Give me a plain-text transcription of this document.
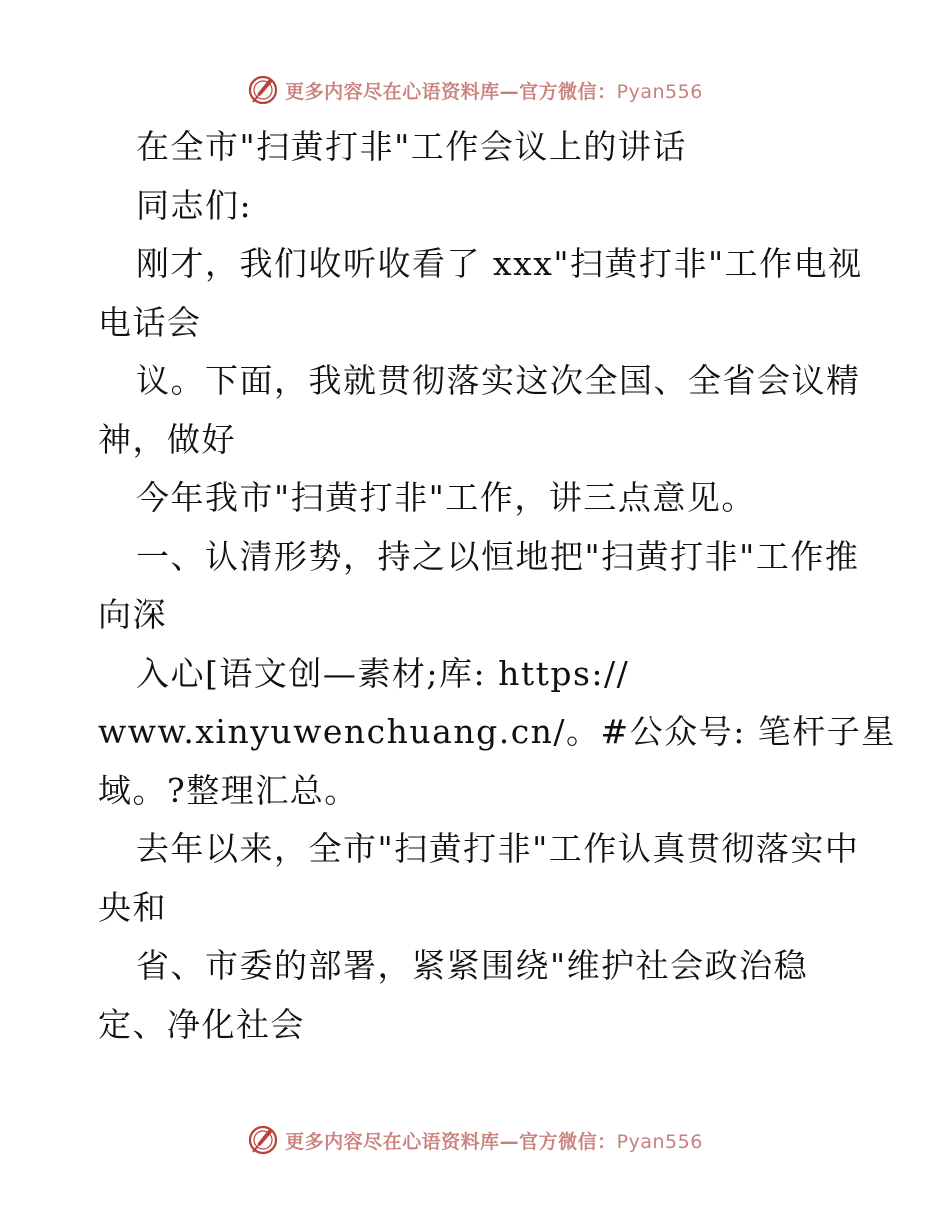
更多内容尽在心语资料库—官方微信：Pyan556
在全市"扫黄打非"工作会议上的讲话
同志们:
刚才，我们收听收看了 xxx"扫黄打非"工作电视
电话会
议。下面，我就贯彻落实这次全国、全省会议精
神，做好
今年我市"扫黄打非"工作，讲三点意见。
一、认清形势，持之以恒地把"扫黄打非"工作推
向深
入心[语文创—素材;库: https://
www.xinyuwenchuang.cn/。#公众号: 笔杆子星
域。?整理汇总。
去年以来，全市"扫黄打非"工作认真贯彻落实中
央和
省、市委的部署，紧紧围绕"维护社会政治稳
定、净化社会
更多内容尽在心语资料库—官方微信：Pyan556
